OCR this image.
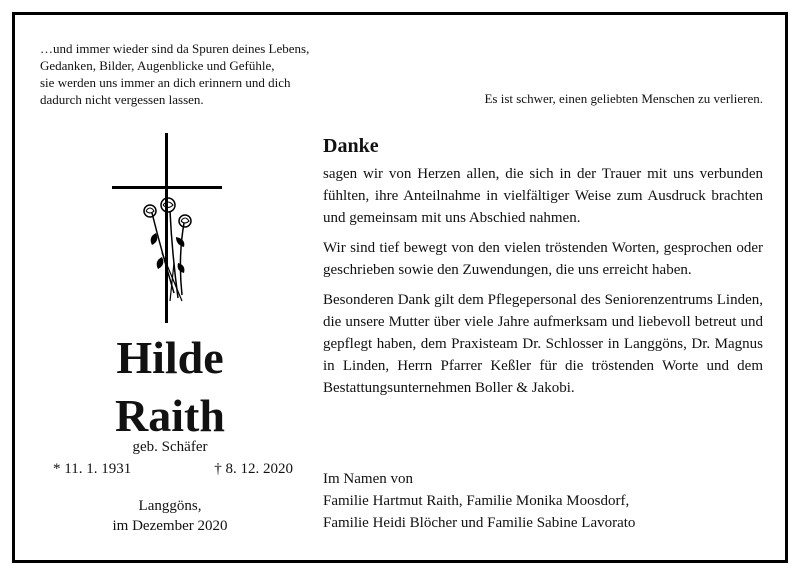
…und immer wieder sind da Spuren deines Lebens,
Gedanken, Bilder, Augenblicke und Gefühle,
sie werden uns immer an dich erinnern und dich
dadurch nicht vergessen lassen.	Es ist schwer, einen geliebten Menschen zu verlieren.
Hilde
Raith
geb. Schäfer
* 11. 1. 1931	† 8. 12. 2020
Langgöns,
im Dezember 2020
Danke

sagen wir von Herzen allen, die sich in der Trauer mit uns verbunden fühlten, ihre Anteilnahme in vielfältiger Weise zum Ausdruck brachten und gemeinsam mit uns Abschied nahmen.

Wir sind tief bewegt von den vielen tröstenden Worten, gesprochen oder geschrieben sowie den Zuwendungen, die uns erreicht haben.

Besonderen Dank gilt dem Pflegepersonal des Seniorenzentrums Linden, die unsere Mutter über viele Jahre aufmerksam und liebevoll betreut und gepflegt haben, dem Praxisteam Dr. Schlosser in Langgöns, Dr. Magnus in Linden, Herrn Pfarrer Keßler für die tröstenden Worte und dem Bestattungsunternehmen Boller & Jakobi.

Im Namen von
Familie Hartmut Raith, Familie Monika Moosdorf,
Familie Heidi Blöcher und Familie Sabine Lavorato
